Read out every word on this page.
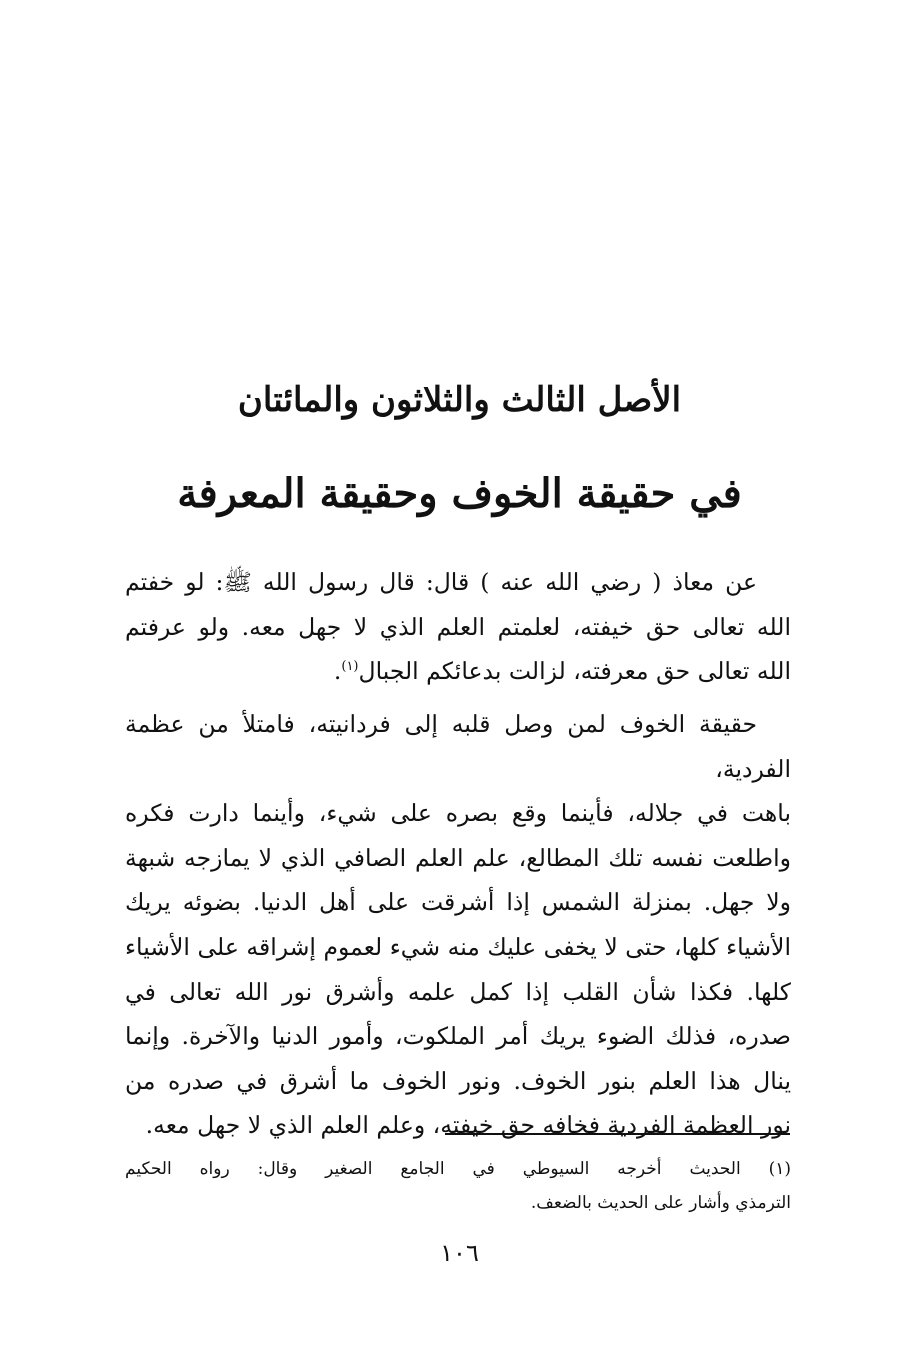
الأصل الثالث والثلاثون والمائتان
في حقيقة الخوف وحقيقة المعرفة
عن معاذ ( رضي الله عنه ) قال: قال رسول الله ﷺ: لو خفتم
الله تعالى حق خيفته، لعلمتم العلم الذي لا جهل معه. ولو عرفتم
الله تعالى حق معرفته، لزالت بدعائكم الجبال$^{(١)}$.
حقيقة الخوف لمن وصل قلبه إلى فردانيته، فامتلأ من عظمة الفردية،
باهت في جلاله، فأينما وقع بصره على شيء، وأينما دارت فكره
واطلعت نفسه تلك المطالع، علم العلم الصافي الذي لا يمازجه شبهة
ولا جهل. بمنزلة الشمس إذا أشرقت على أهل الدنيا. بضوئه يريك
الأشياء كلها، حتى لا يخفى عليك منه شيء لعموم إشراقه على الأشياء
كلها. فكذا شأن القلب إذا كمل علمه وأشرق نور الله تعالى في
صدره، فذلك الضوء يريك أمر الملكوت، وأمور الدنيا والآخرة. وإنما
ينال هذا العلم بنور الخوف. ونور الخوف ما أشرق في صدره من
نور العظمة الفردية فخافه حق خيفته، وعلم العلم الذي لا جهل معه.
(١) الحديث أخرجه السيوطي في الجامع الصغير وقال: رواه الحكيم
الترمذي وأشار على الحديث بالضعف.
١٠٦
